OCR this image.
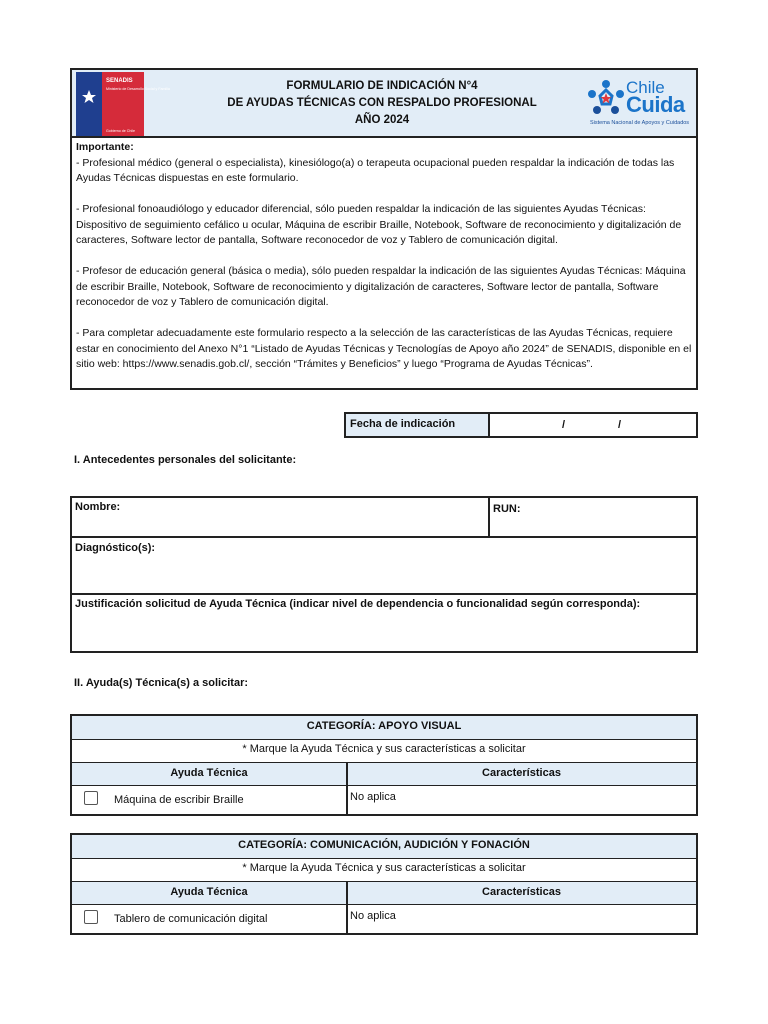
SENADIS
Ministerio de Desarrollo Social y Familia
Gobierno de Chile
FORMULARIO DE INDICACIÓN N°4
DE AYUDAS TÉCNICAS CON RESPALDO PROFESIONAL
AÑO 2024
Chile
Cuida
Sistema Nacional de Apoyos y Cuidados

Importante:

- Profesional médico (general o especialista), kinesiólogo(a) o terapeuta ocupacional pueden respaldar la indicación de todas las Ayudas Técnicas dispuestas en este formulario.

- Profesional fonoaudiólogo y educador diferencial, sólo pueden respaldar la indicación de las siguientes Ayudas Técnicas: Dispositivo de seguimiento cefálico u ocular, Máquina de escribir Braille, Notebook, Software de reconocimiento y digitalización de caracteres, Software lector de pantalla, Software reconocedor de voz y Tablero de comunicación digital.

- Profesor de educación general (básica o media), sólo pueden respaldar la indicación de las siguientes Ayudas Técnicas: Máquina de escribir Braille, Notebook, Software de reconocimiento y digitalización de caracteres, Software lector de pantalla, Software reconocedor de voz y Tablero de comunicación digital.

- Para completar adecuadamente este formulario respecto a la selección de las características de las Ayudas Técnicas, requiere estar en conocimiento del Anexo N°1 “Listado de Ayudas Técnicas y Tecnologías de Apoyo año 2024” de SENADIS, disponible en el sitio web: https://www.senadis.gob.cl/, sección “Trámites y Beneficios” y luego “Programa de Ayudas Técnicas”.

Fecha de indicación	/	/
I. Antecedentes personales del solicitante:
Nombre:	RUN:
Diagnóstico(s):
Justificación solicitud de Ayuda Técnica (indicar nivel de dependencia o funcionalidad según corresponda):
II. Ayuda(s) Técnica(s) a solicitar:
CATEGORÍA: APOYO VISUAL
* Marque la Ayuda Técnica y sus características a solicitar
Ayuda Técnica	Características
Máquina de escribir Braille	No aplica
CATEGORÍA: COMUNICACIÓN, AUDICIÓN Y FONACIÓN
* Marque la Ayuda Técnica y sus características a solicitar
Ayuda Técnica	Características
Tablero de comunicación digital	No aplica
